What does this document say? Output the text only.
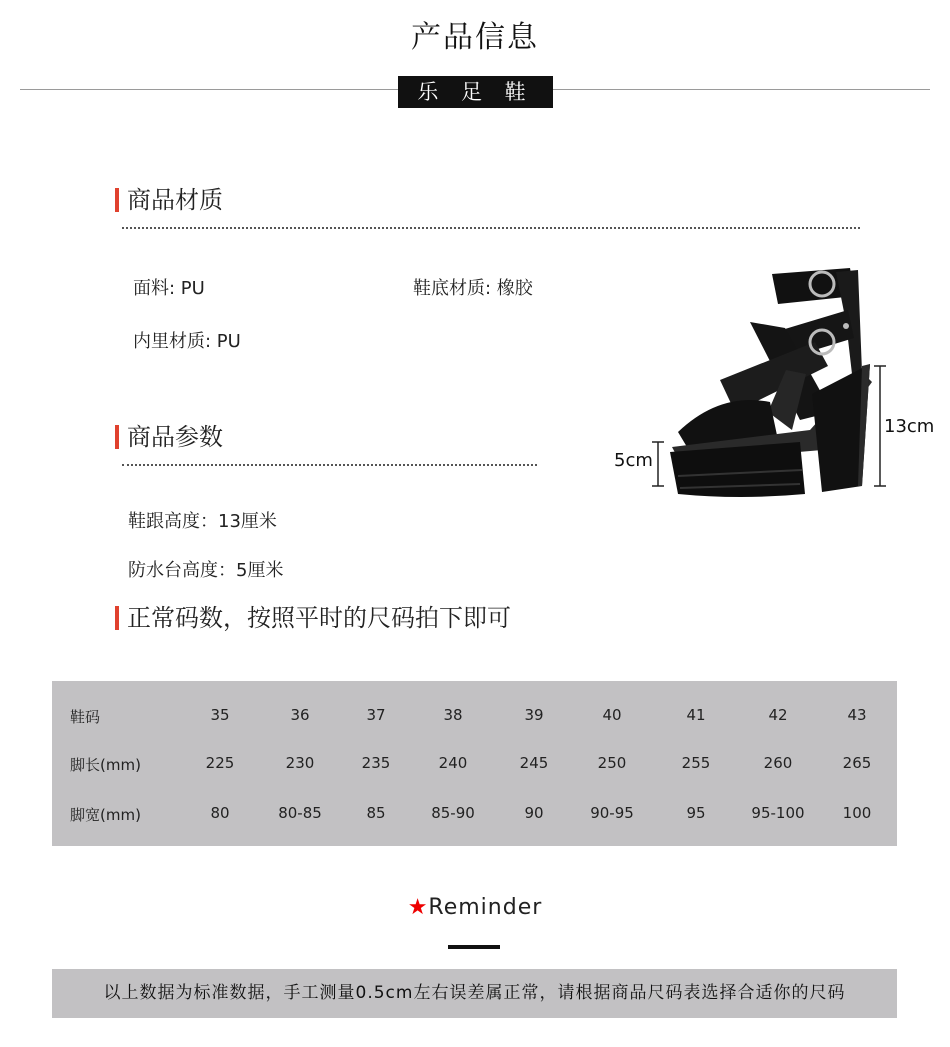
产品信息
乐 足 鞋 业
商品材质
面料: PU	鞋底材质: 橡胶
内里材质: PU
商品参数
鞋跟高度：13厘米
防水台高度：5厘米
13cm
5cm
正常码数，按照平时的尺码拍下即可
鞋码	35	36	37	38	39	40	41	42	43
脚长(mm)	225	230	235	240	245	250	255	260	265
脚宽(mm)	80	80-85	85	85-90	90	90-95	95	95-100	100
★Reminder
以上数据为标准数据，手工测量0.5cm左右误差属正常，请根据商品尺码表选择合适你的尺码
